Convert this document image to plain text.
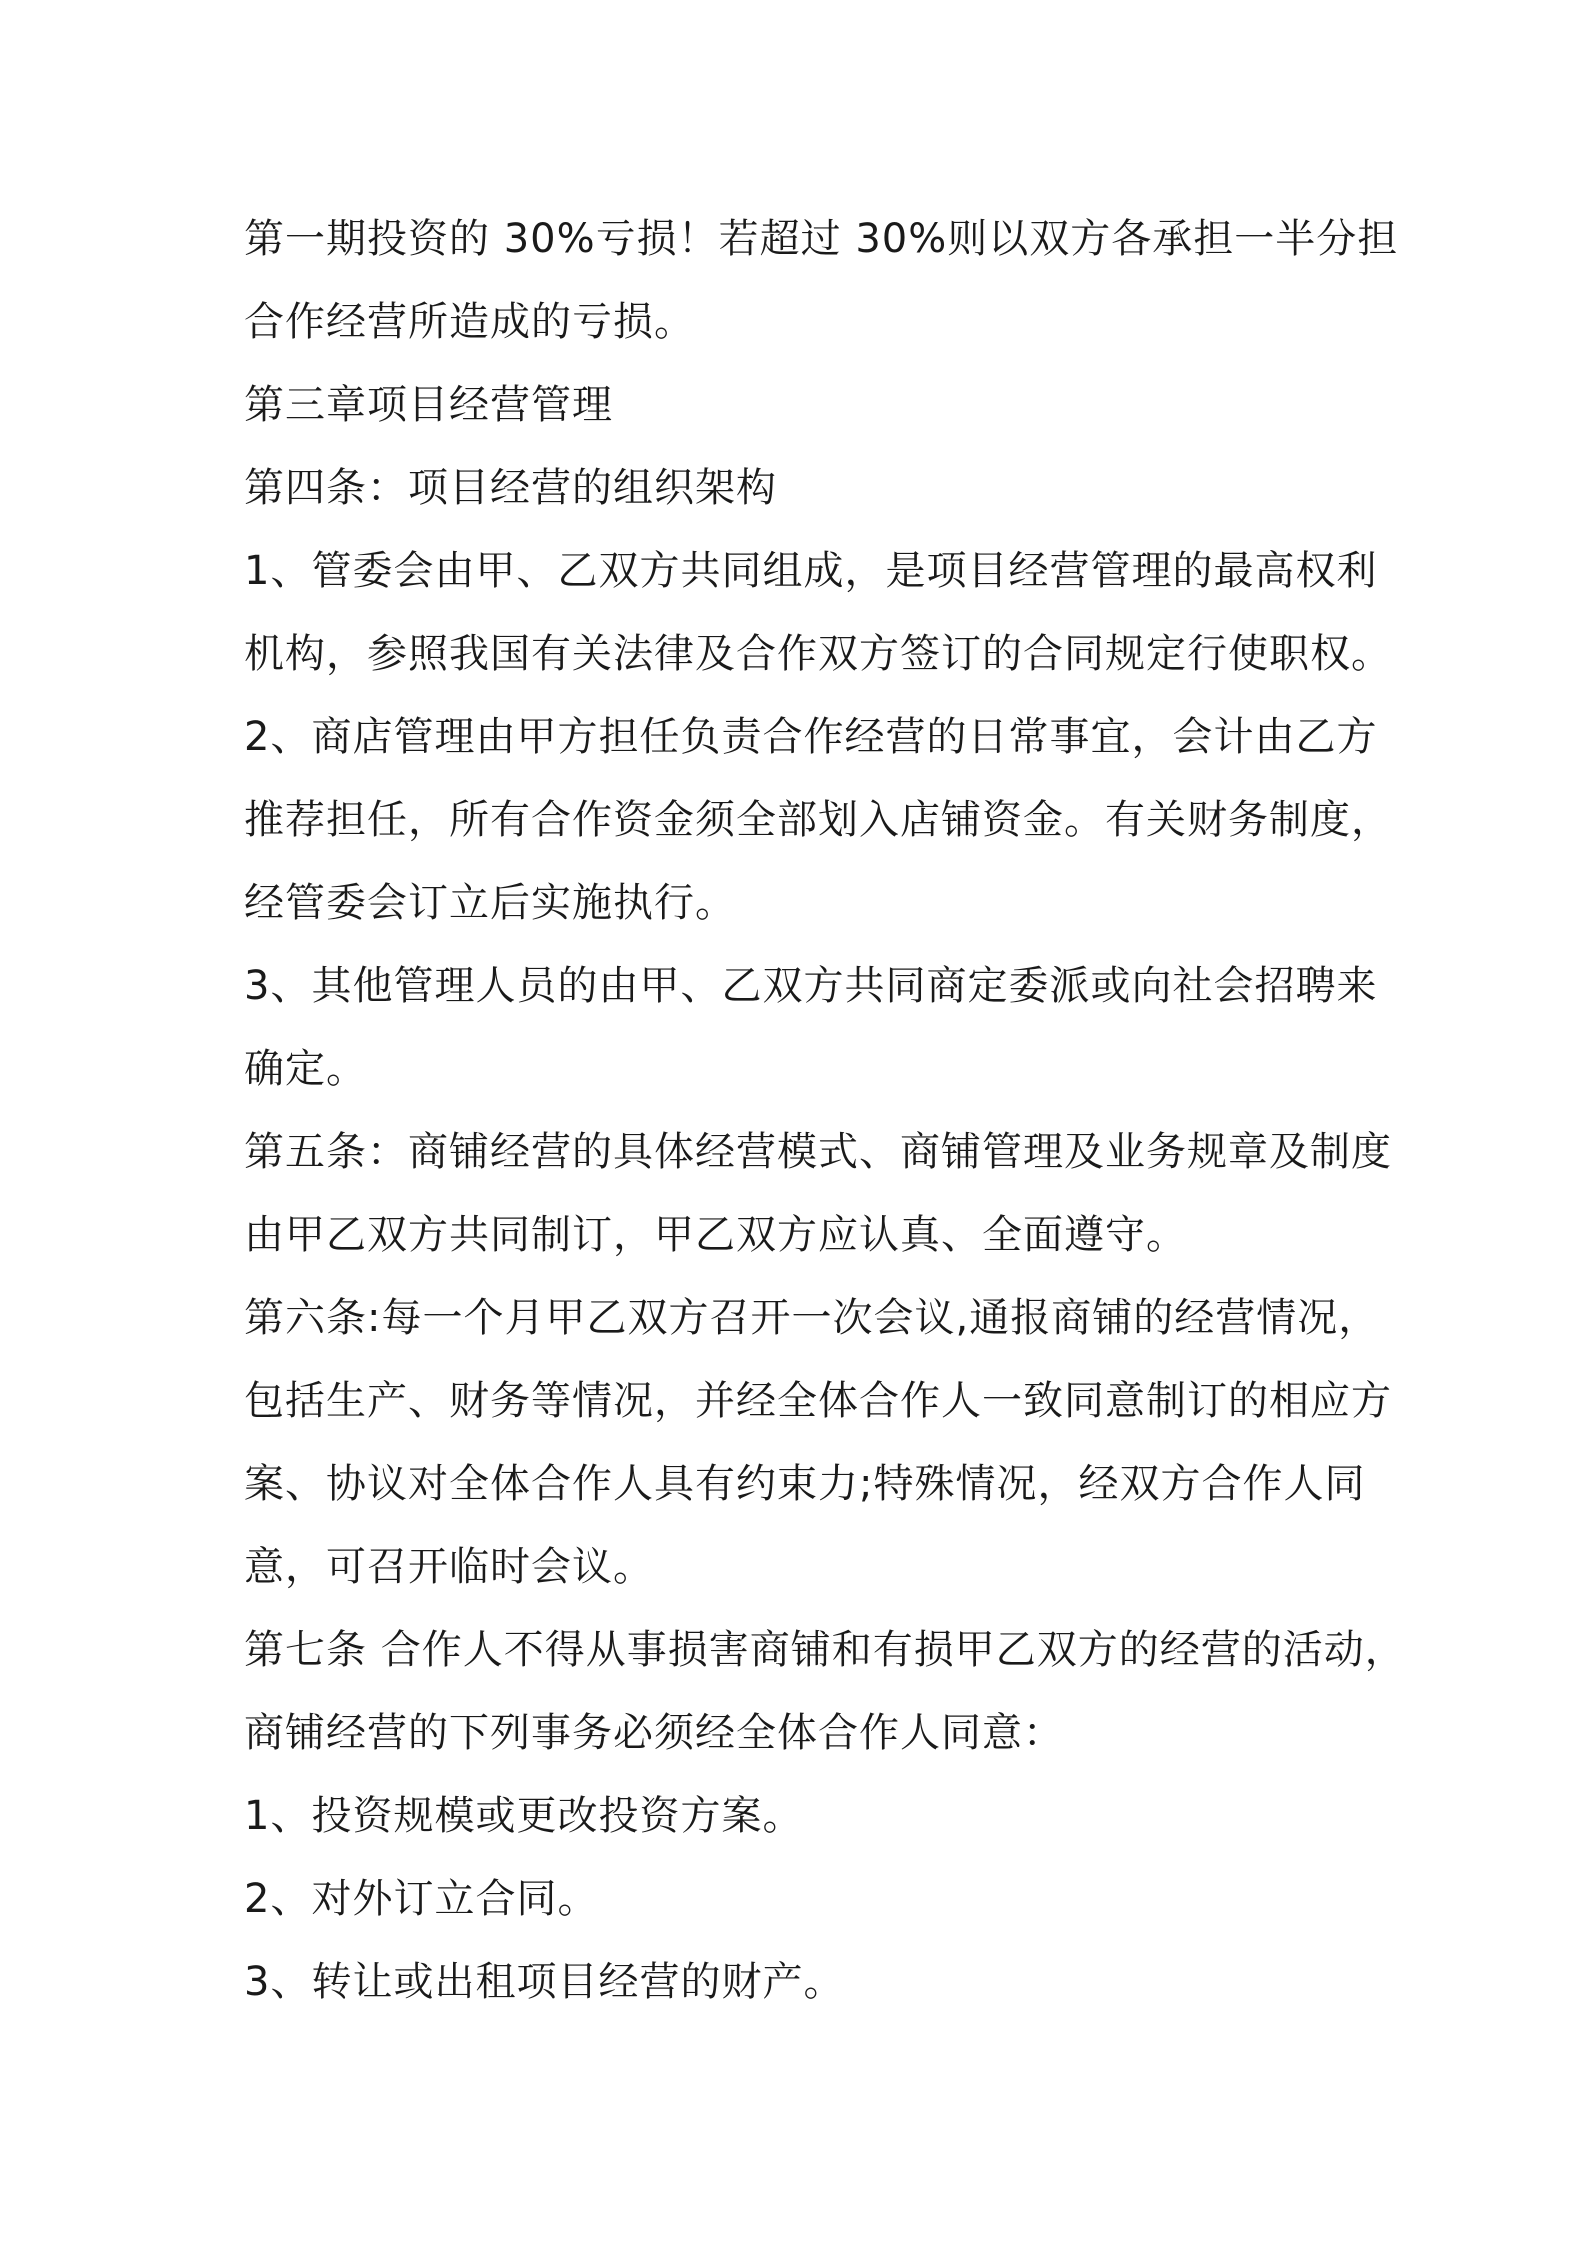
第一期投资的 30%亏损！若超过 30%则以双方各承担一半分担
合作经营所造成的亏损。
第三章项目经营管理
第四条：项目经营的组织架构
1、管委会由甲、乙双方共同组成，是项目经营管理的最高权利
机构，参照我国有关法律及合作双方签订的合同规定行使职权。
2、商店管理由甲方担任负责合作经营的日常事宜，会计由乙方
推荐担任，所有合作资金须全部划入店铺资金。有关财务制度，
经管委会订立后实施执行。
3、其他管理人员的由甲、乙双方共同商定委派或向社会招聘来
确定。
第五条：商铺经营的具体经营模式、商铺管理及业务规章及制度
由甲乙双方共同制订，甲乙双方应认真、全面遵守。
第六条:每一个月甲乙双方召开一次会议,通报商铺的经营情况，
包括生产、财务等情况，并经全体合作人一致同意制订的相应方
案、协议对全体合作人具有约束力;特殊情况，经双方合作人同
意，可召开临时会议。
第七条 合作人不得从事损害商铺和有损甲乙双方的经营的活动，
商铺经营的下列事务必须经全体合作人同意：
1、投资规模或更改投资方案。
2、对外订立合同。
3、转让或出租项目经营的财产。
